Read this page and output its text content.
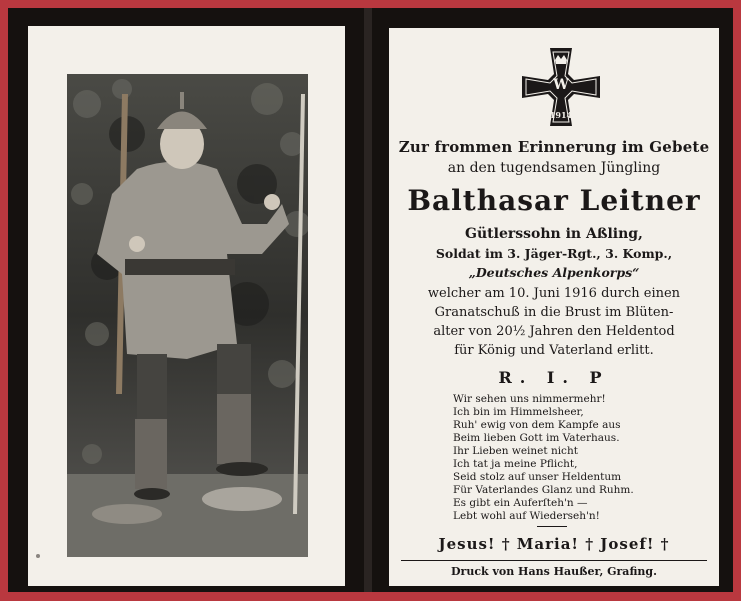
W
1914
Zur frommen Erinnerung im Gebete
an den tugendsamen Jüngling
Balthasar Leitner
Gütlerssohn in Aßling,
Soldat im 3. Jäger-Rgt., 3. Komp.,
„Deutsches Alpenkorps“
welcher am 10. Juni 1916 durch einen
Granatschuß in die Brust im Blüten-
alter von 20½ Jahren den Heldentod
für König und Vaterland erlitt.
R. I. P
Wir sehen uns nimmermehr!
Ich bin im Himmelsheer,
Ruh' ewig von dem Kampfe aus
Beim lieben Gott im Vaterhaus.
Ihr Lieben weinet nicht
Ich tat ja meine Pflicht,
Seid stolz auf unser Heldentum
Für Vaterlandes Glanz und Ruhm.
Es gibt ein Auferſteh'n —
Lebt wohl auf Wiederseh'n!
Jesus! † Maria! † Josef! †
Druck von Hans Haußer, Grafing.
